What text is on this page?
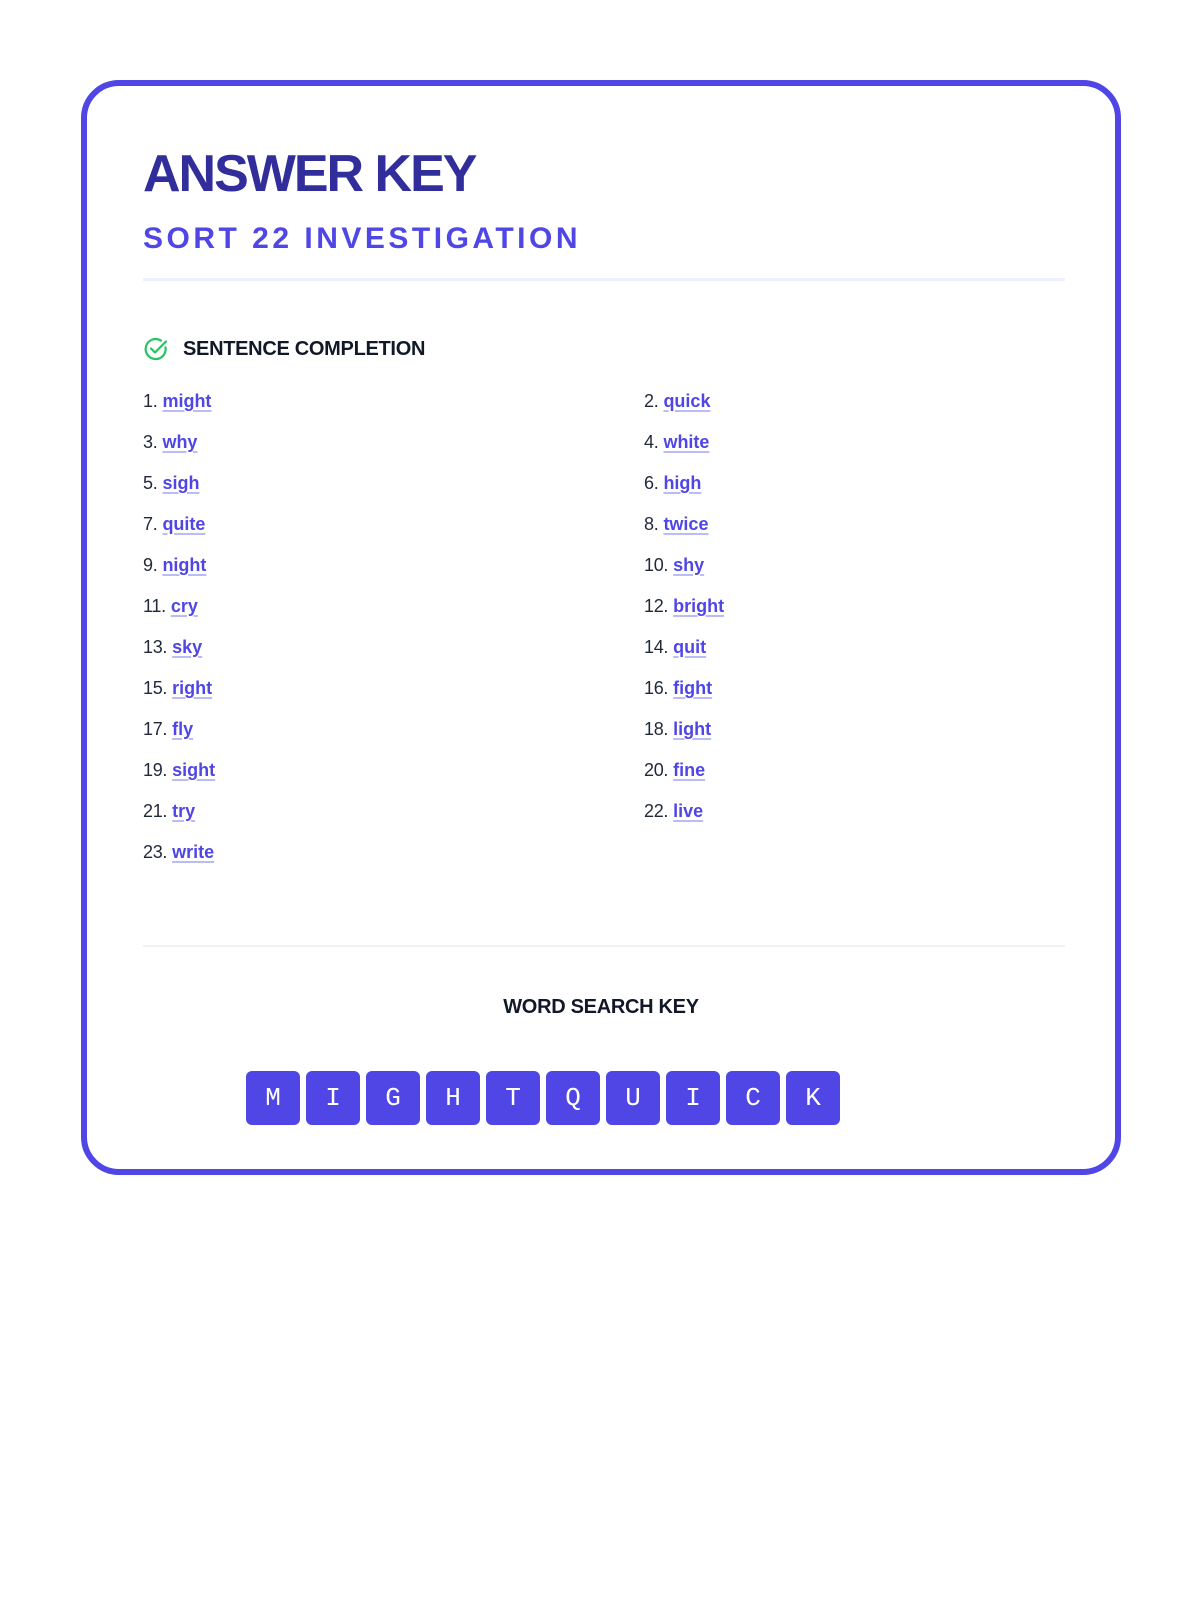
ANSWER KEY
SORT 22 INVESTIGATION
SENTENCE COMPLETION
1. might	2. quick
3. why	4. white
5. sigh	6. high
7. quite	8. twice
9. night	10. shy
11. cry	12. bright
13. sky	14. quit
15. right	16. fight
17. fly	18. light
19. sight	20. fine
21. try	22. live
23. write
WORD SEARCH KEY
M	I	G	H	T	Q	U	I	C	K
